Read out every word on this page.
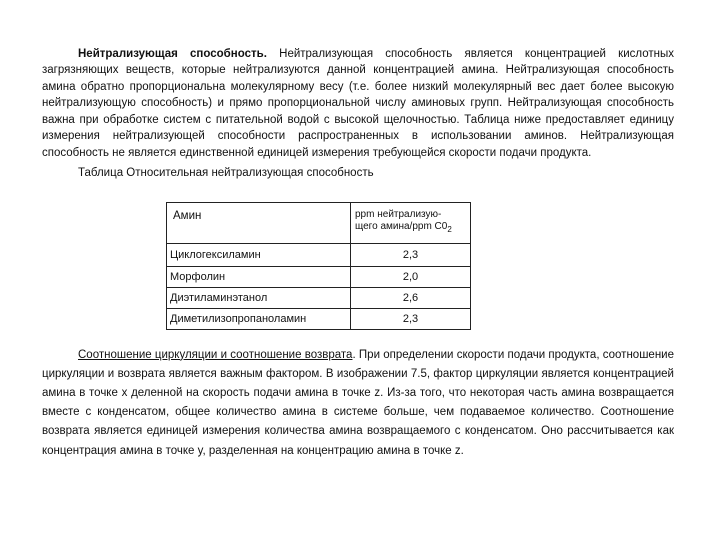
Нейтрализующая способность. Нейтрализующая способность является концентрацией кислотных загрязняющих веществ, которые нейтрализуются данной концентрацией амина. Нейтрализующая способность амина обратно пропорциональна молекулярному весу (т.е. более низкий молекулярный вес дает более высокую нейтрализующую способность) и прямо пропорциональной числу аминовых групп. Нейтрализующая способность важна при обработке систем с питательной водой с высокой щелочностью. Таблица ниже предоставляет единицу измерения нейтрализующей способности распространенных в использовании аминов. Нейтрализующая способность не является единственной единицей измерения требующейся скорости подачи продукта.

Таблица Относительная нейтрализующая способность
Амин	ppm нейтрализую-
щего амина/ppm $C0_2$

Циклогексиламин	2,3
Морфолин	2,0
Диэтиламинэтанол	2,6
Диметилизопропаноламин	2,3

Соотношение циркуляции и соотношение возврата. При определении скорости подачи продукта, соотношение циркуляции и возврата является важным фактором. В изображении 7.5, фактор циркуляции является концентрацией амина в точке x деленной на скорость подачи амина в точке z. Из-за того, что некоторая часть амина возвращается вместе с конденсатом, общее количество амина в системе больше, чем подаваемое количество. Соотношение возврата является единицей измерения количества амина возвращаемого с конденсатом. Оно рассчитывается как концентрация амина в точке y, разделенная на концентрацию амина в точке z.
